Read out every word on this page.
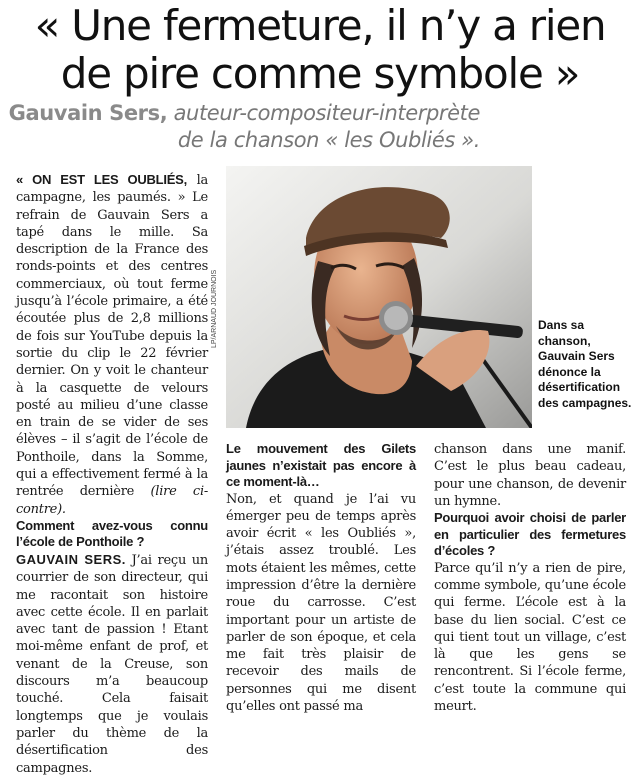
« Une fermeture, il n’y a rien
de pire comme symbole »
Gauvain Sers, auteur-compositeur-interprète
de la chanson « les Oubliés ».

« ON EST LES OUBLIÉS, la campagne, les paumés. » Le refrain de Gauvain Sers a tapé dans le mille. Sa description de la France des ronds-points et des centres commerciaux, où tout ferme jusqu’à l’école primaire, a été écoutée plus de 2,8 millions de fois sur YouTube depuis la sortie du clip le 22 février dernier. On y voit le chanteur à la casquette de velours posté au milieu d’une classe en train de se vider de ses élèves – il s’agit de l’école de Ponthoile, dans la Somme, qui a effectivement fermé à la rentrée dernière (lire ci-contre).

Comment avez-vous connu l’école de Ponthoile ?

GAUVAIN SERS. J’ai reçu un courrier de son directeur, qui me racontait son histoire avec cette école. Il en parlait avec tant de passion ! Etant moi-même enfant de prof, et venant de la Creuse, son discours m’a beaucoup touché. Cela faisait longtemps que je voulais parler du thème de la désertification des campagnes.

LP/ARNAUD JOURNOIS	Dans sa chanson, Gauvain Sers dénonce la désertification des campagnes.

Le mouvement des Gilets jaunes n’existait pas encore à ce moment-là…

Non, et quand je l’ai vu émerger peu de temps après avoir écrit « les Oubliés », j’étais assez troublé. Les mots étaient les mêmes, cette impression d’être la dernière roue du carrosse. C’est important pour un artiste de parler de son époque, et cela me fait très plaisir de recevoir des mails de personnes qui me disent qu’elles ont passé ma

chanson dans une manif. C’est le plus beau cadeau, pour une chanson, de devenir un hymne.

Pourquoi avoir choisi de parler en particulier des fermetures d’écoles ?

Parce qu’il n’y a rien de pire, comme symbole, qu’une école qui ferme. L’école est à la base du lien social. C’est ce qui tient tout un village, c’est là que les gens se rencontrent. Si l’école ferme, c’est toute la commune qui meurt.
